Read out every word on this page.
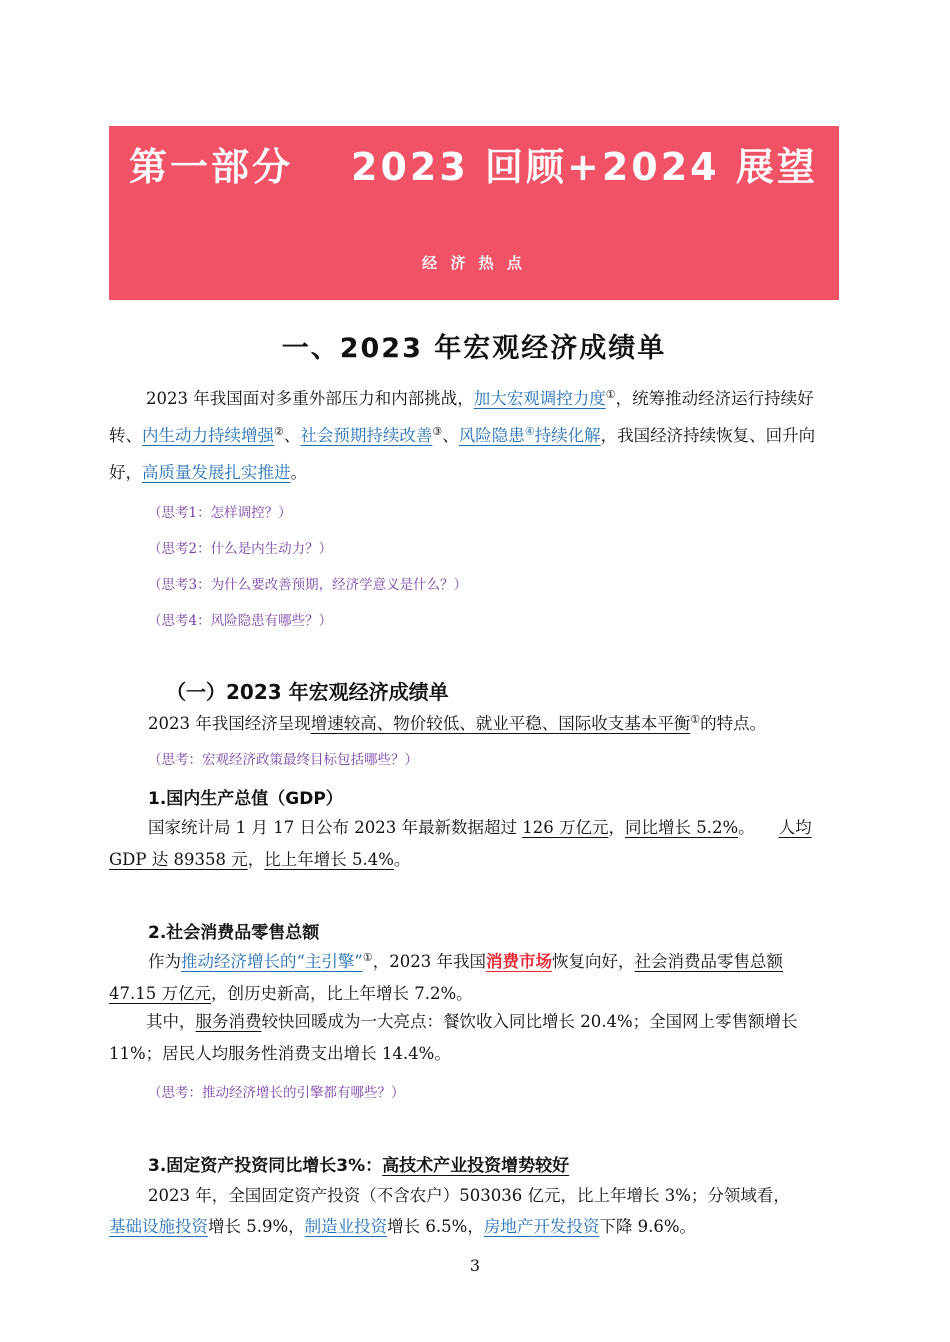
第一部分 2023 回顾+2024 展望
经 济 热 点
一、2023 年宏观经济成绩单
2023 年我国面对多重外部压力和内部挑战，加大宏观调控力度①，统筹推动经济运行持续好转、内生动力持续增强②、社会预期持续改善③、风险隐患④持续化解，我国经济持续恢复、回升向好，高质量发展扎实推进。
（思考1：怎样调控？）
（思考2：什么是内生动力？）
（思考3：为什么要改善预期，经济学意义是什么？）
（思考4：风险隐患有哪些？）
（一）2023 年宏观经济成绩单
2023 年我国经济呈现增速较高、物价较低、就业平稳、国际收支基本平衡①的特点。
（思考：宏观经济政策最终目标包括哪些？）
1.国内生产总值（GDP）
国家统计局 1 月 17 日公布 2023 年最新数据超过 126 万亿元，同比增长 5.2%。 人均
GDP 达 89358 元，比上年增长 5.4%。
2.社会消费品零售总额
作为推动经济增长的“主引擎”①，2023 年我国消费市场恢复向好，社会消费品零售总额
47.15 万亿元，创历史新高，比上年增长 7.2%。
其中，服务消费较快回暖成为一大亮点：餐饮收入同比增长 20.4%；全国网上零售额增长 11%；居民人均服务性消费支出增长 14.4%。
（思考：推动经济增长的引擎都有哪些？）
3.固定资产投资同比增长3%：高技术产业投资增势较好
2023 年，全国固定资产投资（不含农户）503036 亿元，比上年增长 3%；分领域看，
基础设施投资增长 5.9%，制造业投资增长 6.5%，房地产开发投资下降 9.6%。
3
